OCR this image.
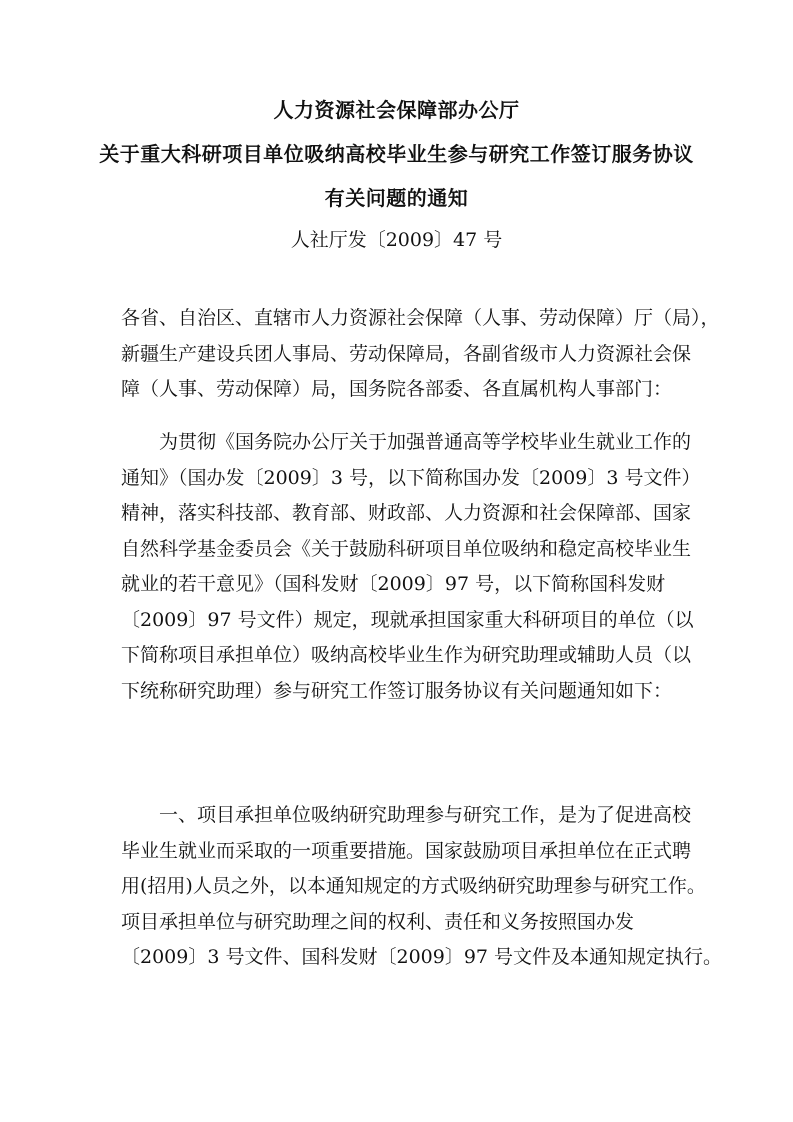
人力资源社会保障部办公厅
关于重大科研项目单位吸纳高校毕业生参与研究工作签订服务协议
有关问题的通知
人社厅发〔2009〕47 号
各省、自治区、直辖市人力资源社会保障（人事、劳动保障）厅（局），
新疆生产建设兵团人事局、劳动保障局，各副省级市人力资源社会保
障（人事、劳动保障）局，国务院各部委、各直属机构人事部门：
　　为贯彻《国务院办公厅关于加强普通高等学校毕业生就业工作的
通知》（国办发〔2009〕3 号，以下简称国办发〔2009〕3 号文件）
精神，落实科技部、教育部、财政部、人力资源和社会保障部、国家
自然科学基金委员会《关于鼓励科研项目单位吸纳和稳定高校毕业生
就业的若干意见》（国科发财〔2009〕97 号，以下简称国科发财
〔2009〕97 号文件）规定，现就承担国家重大科研项目的单位（以
下简称项目承担单位）吸纳高校毕业生作为研究助理或辅助人员（以
下统称研究助理）参与研究工作签订服务协议有关问题通知如下：
　　一、项目承担单位吸纳研究助理参与研究工作，是为了促进高校
毕业生就业而采取的一项重要措施。国家鼓励项目承担单位在正式聘
用(招用)人员之外，以本通知规定的方式吸纳研究助理参与研究工作。
项目承担单位与研究助理之间的权利、责任和义务按照国办发
〔2009〕3 号文件、国科发财〔2009〕97 号文件及本通知规定执行。
